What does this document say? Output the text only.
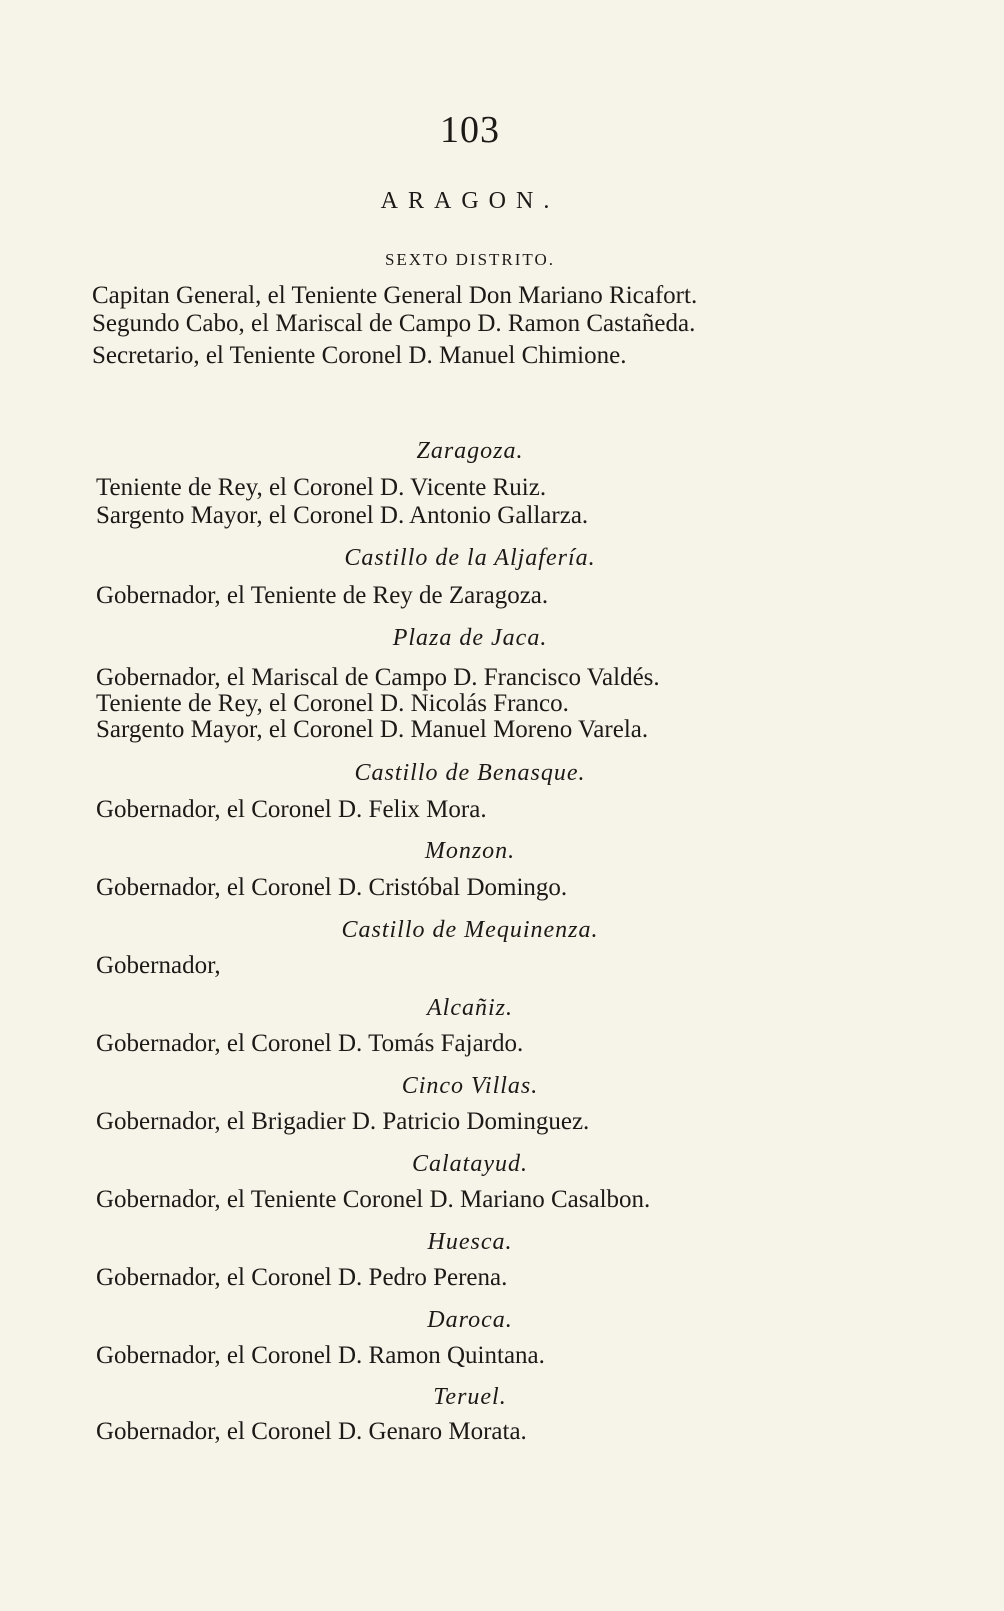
103
ARAGON.
SEXTO DISTRITO.
Capitan General, el Teniente General Don Mariano Ricafort.
Segundo Cabo, el Mariscal de Campo D. Ramon Castañeda.
Secretario, el Teniente Coronel D. Manuel Chimione.
Zaragoza.
Teniente de Rey, el Coronel D. Vicente Ruiz.
Sargento Mayor, el Coronel D. Antonio Gallarza.
Castillo de la Aljafería.
Gobernador, el Teniente de Rey de Zaragoza.
Plaza de Jaca.
Gobernador, el Mariscal de Campo D. Francisco Valdés.
Teniente de Rey, el Coronel D. Nicolás Franco.
Sargento Mayor, el Coronel D. Manuel Moreno Varela.
Castillo de Benasque.
Gobernador, el Coronel D. Felix Mora.
Monzon.
Gobernador, el Coronel D. Cristóbal Domingo.
Castillo de Mequinenza.
Gobernador,
Alcañiz.
Gobernador, el Coronel D. Tomás Fajardo.
Cinco Villas.
Gobernador, el Brigadier D. Patricio Dominguez.
Calatayud.
Gobernador, el Teniente Coronel D. Mariano Casalbon.
Huesca.
Gobernador, el Coronel D. Pedro Perena.
Daroca.
Gobernador, el Coronel D. Ramon Quintana.
Teruel.
Gobernador, el Coronel D. Genaro Morata.
